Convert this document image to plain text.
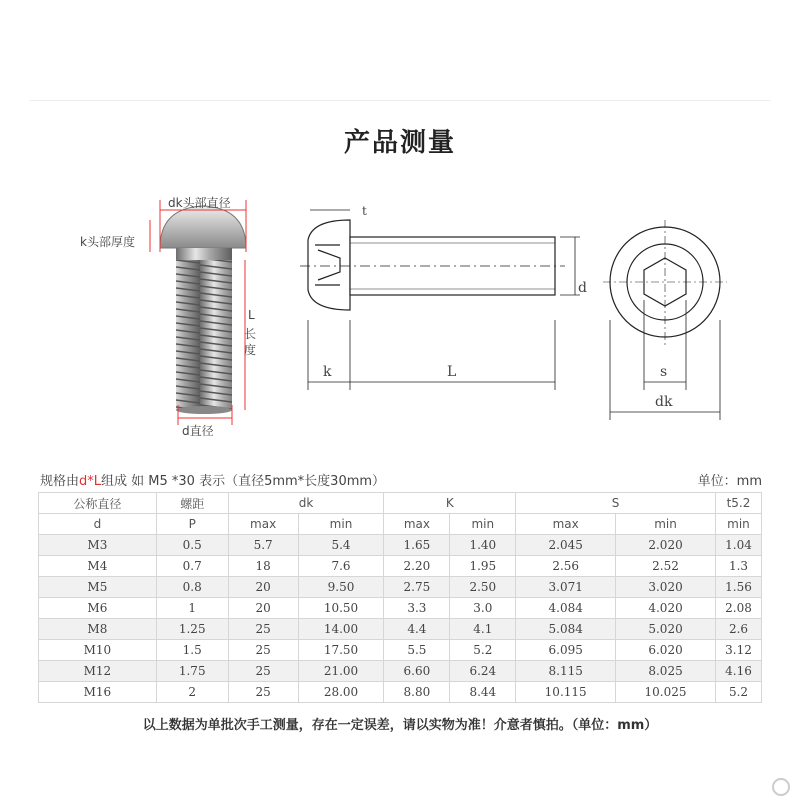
产品测量
dk头部直径
k头部厚度
L
长度
d直径
t
d
k	L	s
dk
规格由d*L组成 如 M5 *30 表示（直径5mm*长度30mm）	单位：mm
公称直径	螺距	dk		K		S		t5.2
d	P	max	min	max	min	max	min	min
M3	0.5	5.7	5.4	1.65	1.40	2.045	2.020	1.04
M4	0.7	18	7.6	2.20	1.95	2.56	2.52	1.3
M5	0.8	20	9.50	2.75	2.50	3.071	3.020	1.56
M6	1	20	10.50	3.3	3.0	4.084	4.020	2.08
M8	1.25	25	14.00	4.4	4.1	5.084	5.020	2.6
M10	1.5	25	17.50	5.5	5.2	6.095	6.020	3.12
M12	1.75	25	21.00	6.60	6.24	8.115	8.025	4.16
M16	2	25	28.00	8.80	8.44	10.115	10.025	5.2
以上数据为单批次手工测量，存在一定误差，请以实物为准！介意者慎拍。（单位：mm）
